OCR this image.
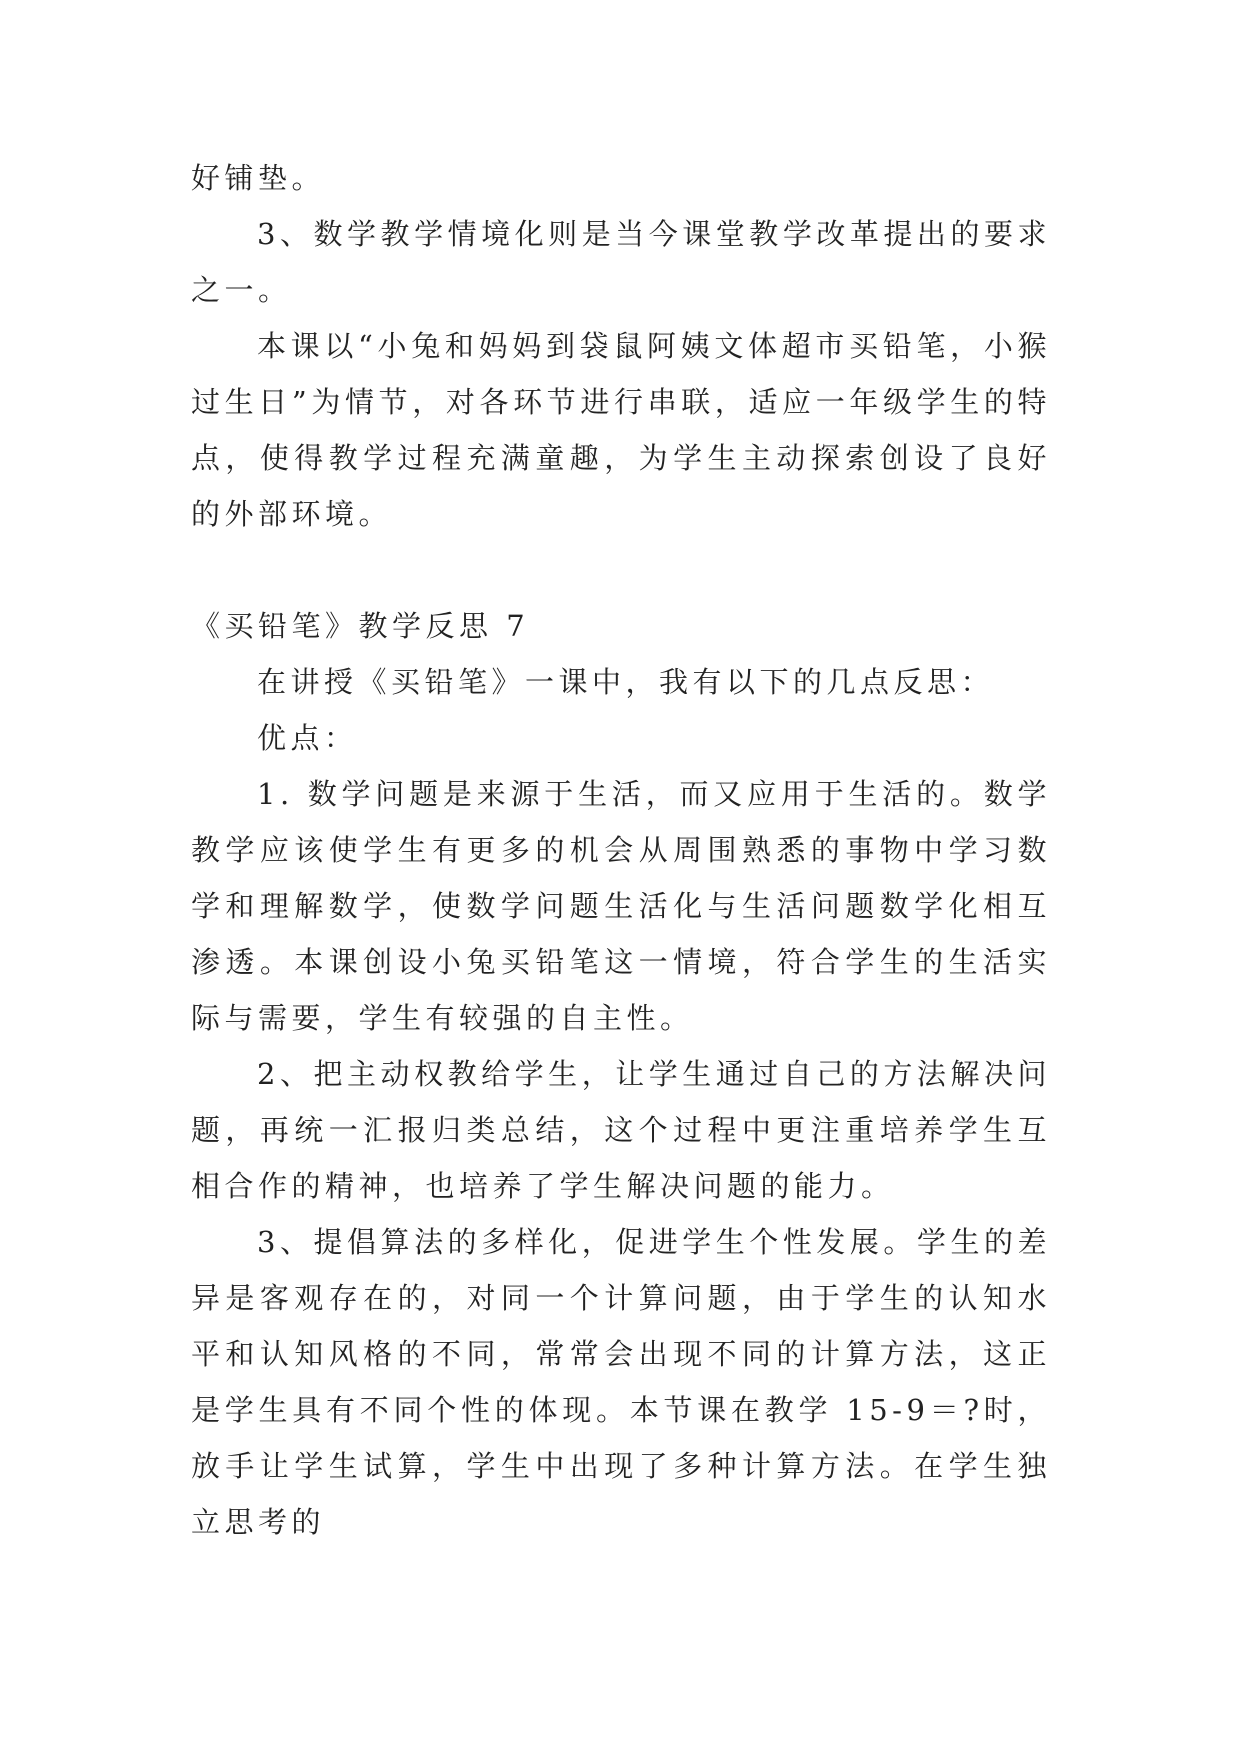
好铺垫。

3、数学教学情境化则是当今课堂教学改革提出的要求之一。

本课以“小兔和妈妈到袋鼠阿姨文体超市买铅笔，小猴过生日”为情节，对各环节进行串联，适应一年级学生的特点，使得教学过程充满童趣，为学生主动探索创设了良好的外部环境。

《买铅笔》教学反思 7

在讲授《买铅笔》一课中，我有以下的几点反思：

优点：

1. 数学问题是来源于生活，而又应用于生活的。数学教学应该使学生有更多的机会从周围熟悉的事物中学习数学和理解数学，使数学问题生活化与生活问题数学化相互渗透。本课创设小兔买铅笔这一情境，符合学生的生活实际与需要，学生有较强的自主性。

2、把主动权教给学生，让学生通过自己的方法解决问题，再统一汇报归类总结，这个过程中更注重培养学生互相合作的精神，也培养了学生解决问题的能力。

3、提倡算法的多样化，促进学生个性发展。学生的差异是客观存在的，对同一个计算问题，由于学生的认知水平和认知风格的不同，常常会出现不同的计算方法，这正是学生具有不同个性的体现。本节课在教学 15-9＝?时，放手让学生试算，学生中出现了多种计算方法。在学生独立思考的
